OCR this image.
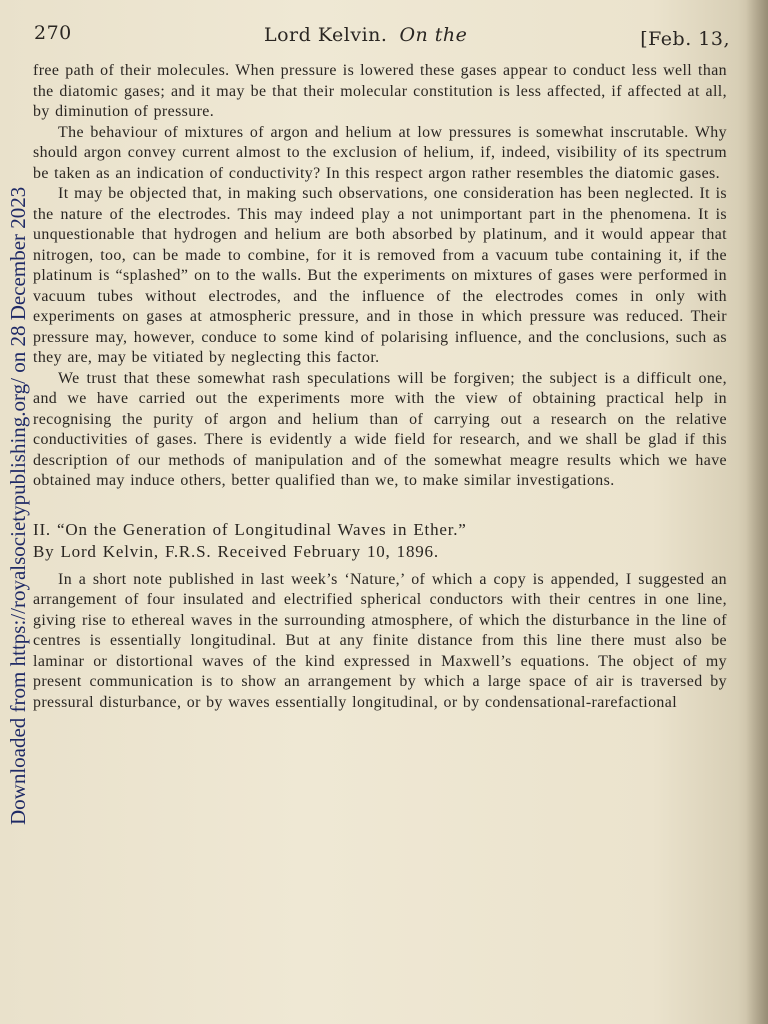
270	Lord Kelvin. On the	[Feb. 13,

free path of their molecules. When pressure is lowered these gases appear to conduct less well than the diatomic gases; and it may be that their molecular constitution is less affected, if affected at all, by diminution of pressure.

The behaviour of mixtures of argon and helium at low pressures is somewhat inscrutable. Why should argon convey current almost to the exclusion of helium, if, indeed, visibility of its spectrum be taken as an indication of conductivity? In this respect argon rather resembles the diatomic gases.

It may be objected that, in making such observations, one consideration has been neglected. It is the nature of the electrodes. This may indeed play a not unimportant part in the phenomena. It is unquestionable that hydrogen and helium are both absorbed by platinum, and it would appear that nitrogen, too, can be made to combine, for it is removed from a vacuum tube containing it, if the platinum is “splashed” on to the walls. But the experiments on mixtures of gases were performed in vacuum tubes without electrodes, and the influence of the electrodes comes in only with experiments on gases at atmospheric pressure, and in those in which pressure was reduced. Their pressure may, however, conduce to some kind of polarising influence, and the conclusions, such as they are, may be vitiated by neglecting this factor.

We trust that these somewhat rash speculations will be forgiven; the subject is a difficult one, and we have carried out the experiments more with the view of obtaining practical help in recognising the purity of argon and helium than of carrying out a research on the relative conductivities of gases. There is evidently a wide field for research, and we shall be glad if this description of our methods of manipulation and of the somewhat meagre results which we have obtained may induce others, better qualified than we, to make similar investigations.

II. “On the Generation of Longitudinal Waves in Ether.”

By Lord Kelvin, F.R.S. Received February 10, 1896.

In a short note published in last week’s ‘Nature,’ of which a copy is appended, I suggested an arrangement of four insulated and electrified spherical conductors with their centres in one line, giving rise to ethereal waves in the surrounding atmosphere, of which the disturbance in the line of centres is essentially longitudinal. But at any finite distance from this line there must also be laminar or distortional waves of the kind expressed in Maxwell’s equations. The object of my present communication is to show an arrangement by which a large space of air is traversed by pressural disturbance, or by waves essentially longitudinal, or by condensational-rarefactional

Downloaded from https://royalsocietypublishing.org/ on 28 December 2023
